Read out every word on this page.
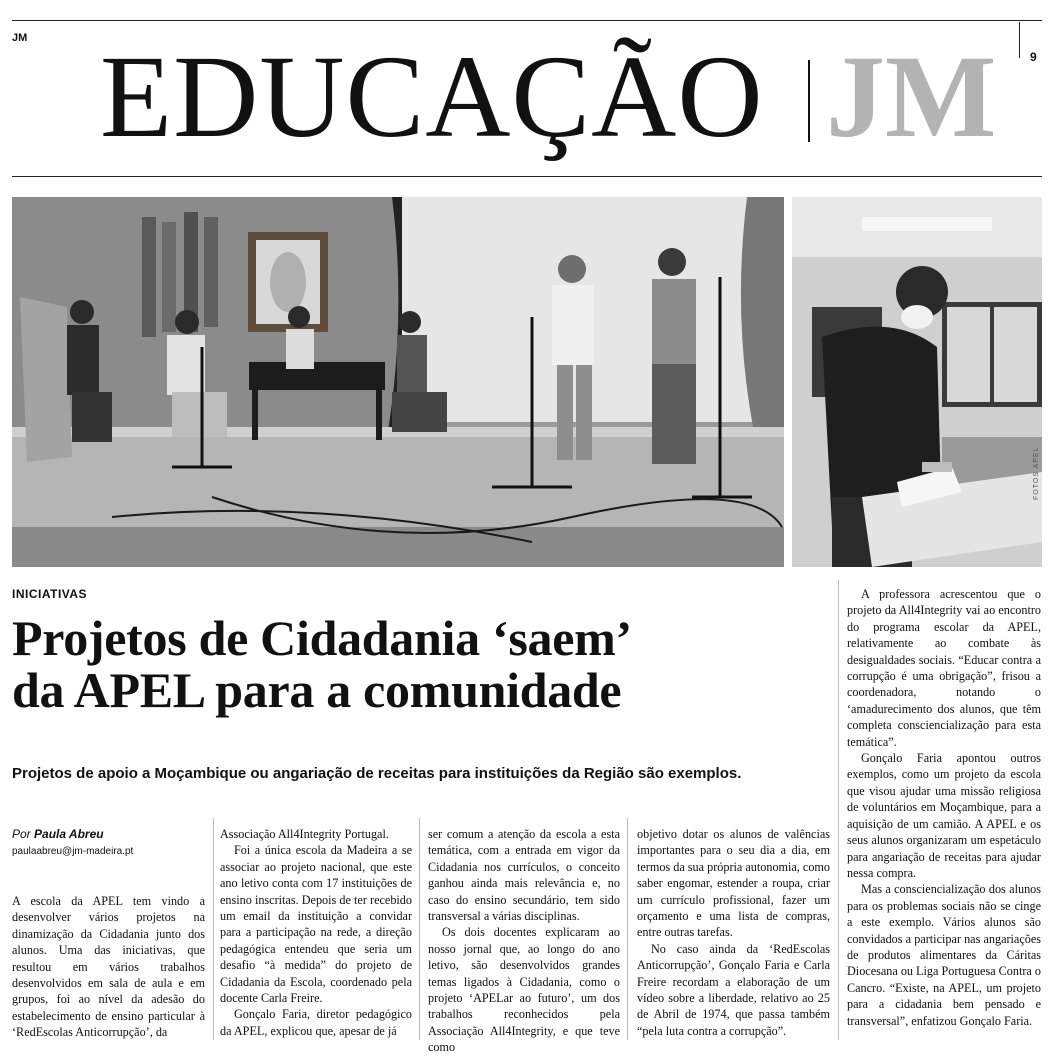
JM
9
EDUCAÇÃO JM
FOTOS APEL
INICIATIVAS
Projetos de Cidadania ‘saem’
da APEL para a comunidade
Projetos de apoio a Moçambique ou angariação de receitas para instituições da Região são exemplos.
Por Paula Abreu
paulaabreu@jm-madeira.pt

A escola da APEL tem vindo a desenvolver vários projetos na dinamização da Cidadania junto dos alunos. Uma das iniciativas, que resultou em vários trabalhos desenvolvidos em sala de aula e em grupos, foi ao nível da adesão do estabelecimento de ensino particular à ‘RedEscolas Anticorrupção’, da

Associação All4Integrity Portugal.

Foi a única escola da Madeira a se associar ao projeto nacional, que este ano letivo conta com 17 instituições de ensino inscritas. Depois de ter recebido um email da instituição a convidar para a participação na rede, a direção pedagógica entendeu que seria um desafio “à medida” do projeto de Cidadania da Escola, coordenado pela docente Carla Freire.

Gonçalo Faria, diretor pedagógico da APEL, explicou que, apesar de já

ser comum a atenção da escola a esta temática, com a entrada em vigor da Cidadania nos currículos, o conceito ganhou ainda mais relevância e, no caso do ensino secundário, tem sido transversal a várias disciplinas.

Os dois docentes explicaram ao nosso jornal que, ao longo do ano letivo, são desenvolvidos grandes temas ligados à Cidadania, como o projeto ‘APELar ao futuro’, um dos trabalhos reconhecidos pela Associação All4Integrity, e que teve como

objetivo dotar os alunos de valências importantes para o seu dia a dia, em termos da sua própria autonomia, como saber engomar, estender a roupa, criar um currículo profissional, fazer um orçamento e uma lista de compras, entre outras tarefas.

No caso ainda da ‘RedEscolas Anticorrupção’, Gonçalo Faria e Carla Freire recordam a elaboração de um vídeo sobre a liberdade, relativo ao 25 de Abril de 1974, que passa também “pela luta contra a corrupção”.

A professora acrescentou que o projeto da All4Integrity vai ao encontro do programa escolar da APEL, relativamente ao combate às desigualdades sociais. “Educar contra a corrupção é uma obrigação”, frisou a coordenadora, notando o ‘amadurecimento dos alunos, que têm completa consciencialização para esta temática”.

Gonçalo Faria apontou outros exemplos, como um projeto da escola que visou ajudar uma missão religiosa de voluntários em Moçambique, para a aquisição de um camião. A APEL e os seus alunos organizaram um espetáculo para angariação de receitas para ajudar nessa compra.

Mas a consciencialização dos alunos para os problemas sociais não se cinge a este exemplo. Vários alunos são convidados a participar nas angariações de produtos alimentares da Cáritas Diocesana ou Liga Portuguesa Contra o Cancro. “Existe, na APEL, um projeto para a cidadania bem pensado e transversal”, enfatizou Gonçalo Faria.
